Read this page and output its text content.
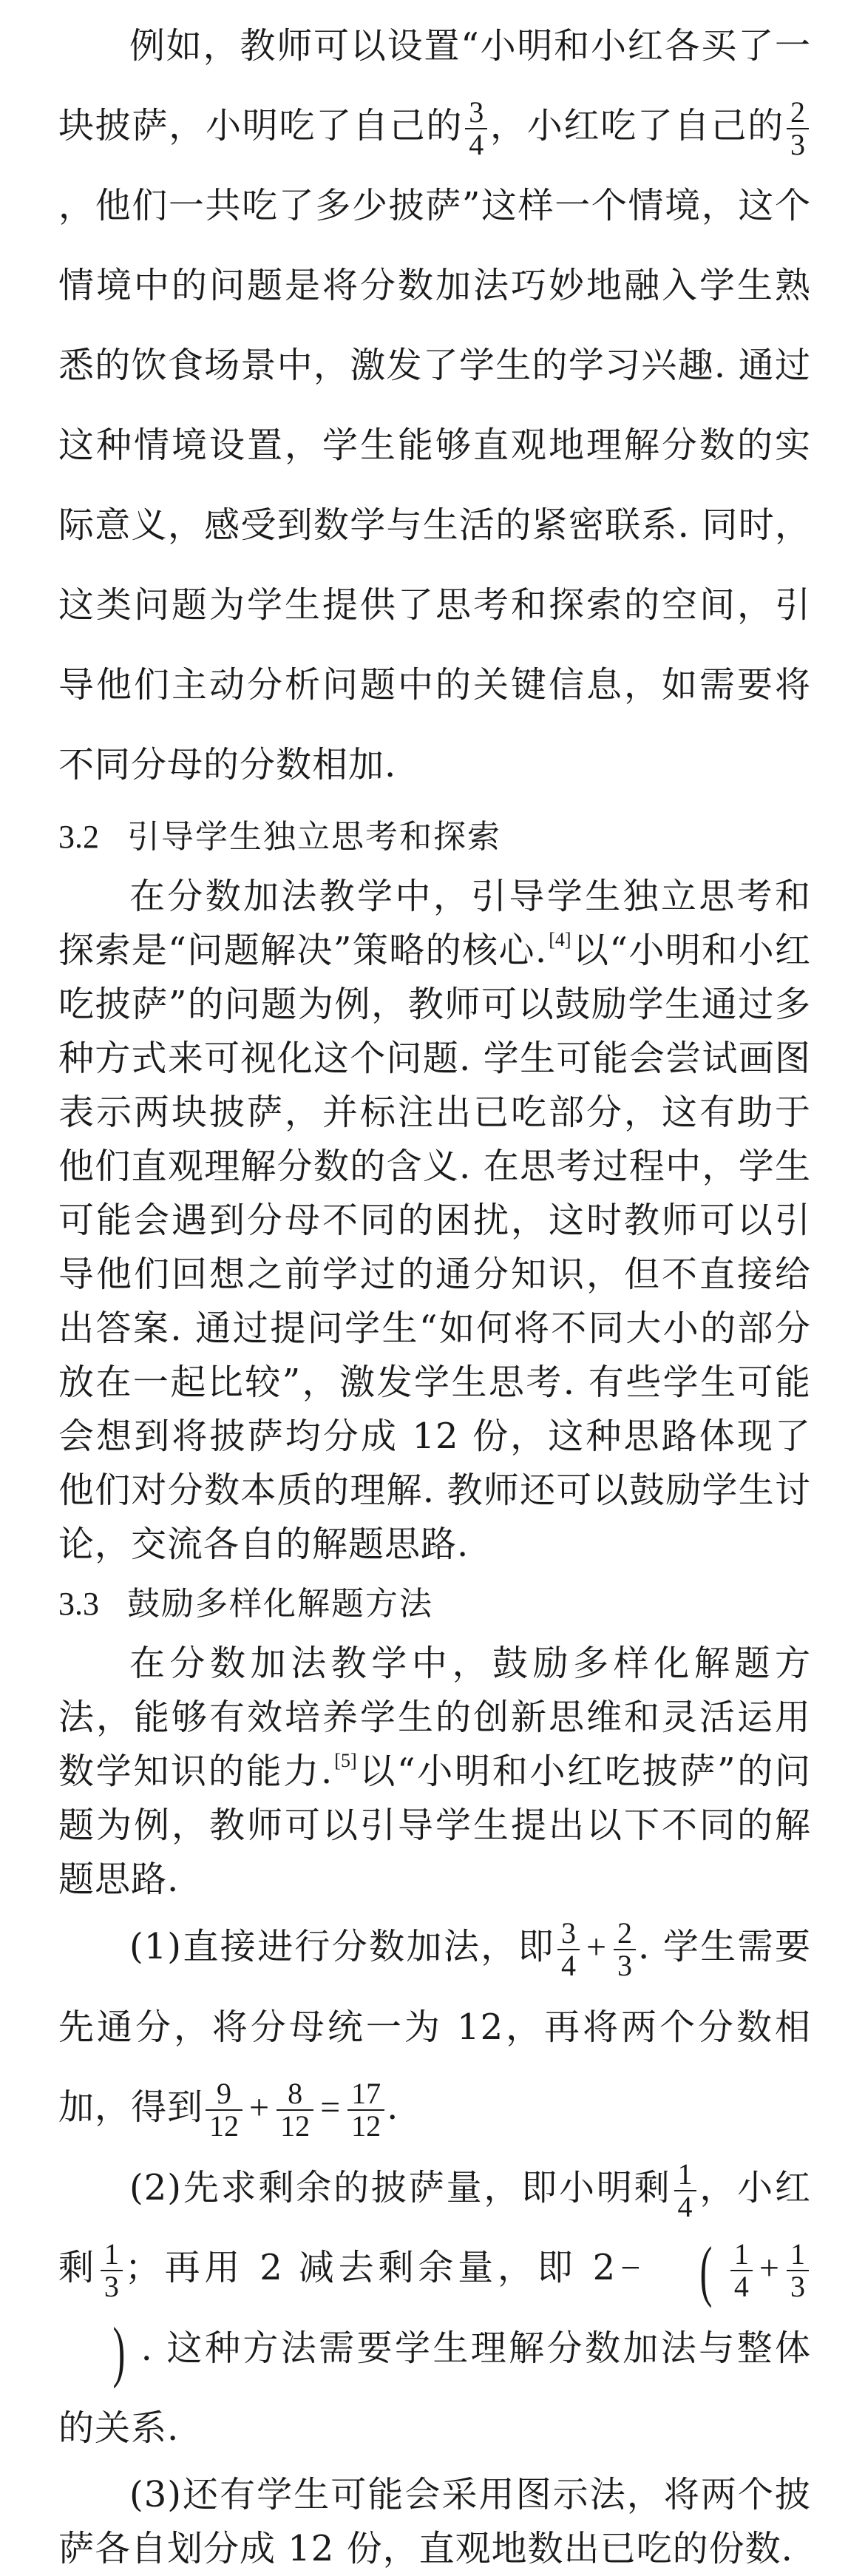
例如，教师可以设置“小明和小红各买了一块披萨，小明吃了自己的 $\frac{3}{4}$ ，小红吃了自己的 $\frac{2}{3}$
，他们一共吃了多少披萨”这样一个情境，这个情境中的问题是将分数加法巧妙地融入学生熟悉的饮食场景中，激发了学生的学习兴趣. 通过这种情境设置，学生能够直观地理解分数的实际意义，感受到数学与生活的紧密联系. 同时，这类问题为学生提供了思考和探索的空间，引导他们主动分析问题中的关键信息，如需要将不同分母的分数相加.

3.2 引导学生独立思考和探索

在分数加法教学中，引导学生独立思考和探索是“问题解决”策略的核心.[4]以“小明和小红吃披萨”的问题为例，教师可以鼓励学生通过多种方式来可视化这个问题. 学生可能会尝试画图表示两块披萨，并标注出已吃部分，这有助于他们直观理解分数的含义. 在思考过程中，学生可能会遇到分母不同的困扰，这时教师可以引导他们回想之前学过的通分知识，但不直接给出答案. 通过提问学生“如何将不同大小的部分放在一起比较”，激发学生思考. 有些学生可能会想到将披萨均分成 12 份，这种思路体现了他们对分数本质的理解. 教师还可以鼓励学生讨论，交流各自的解题思路.

3.3 鼓励多样化解题方法

在分数加法教学中，鼓励多样化解题方法，能够有效培养学生的创新思维和灵活运用数学知识的能力.[5]以“小明和小红吃披萨”的问题为例，教师可以引导学生提出以下不同的解题思路.

(1)直接进行分数加法，即 $\frac{3}{4} + \frac{2}{3}$ . 学生需要先通分，将分母统一为 12，再将两个分数相加，得到 $\frac{9}{12} + \frac{8}{12} = \frac{17}{12}$ .

(2)先求剩余的披萨量，即小明剩 $\frac{1}{4}$ ，小红剩 $\frac{1}{3}$ ；再用 2 减去剩余量，即 2 − ( $\frac{1}{4} + \frac{1}{3}$
) . 这种方法需要学生理解分数加法与整体的关系.

(3)还有学生可能会采用图示法，将两个披萨各自划分成 12 份，直观地数出已吃的份数.
